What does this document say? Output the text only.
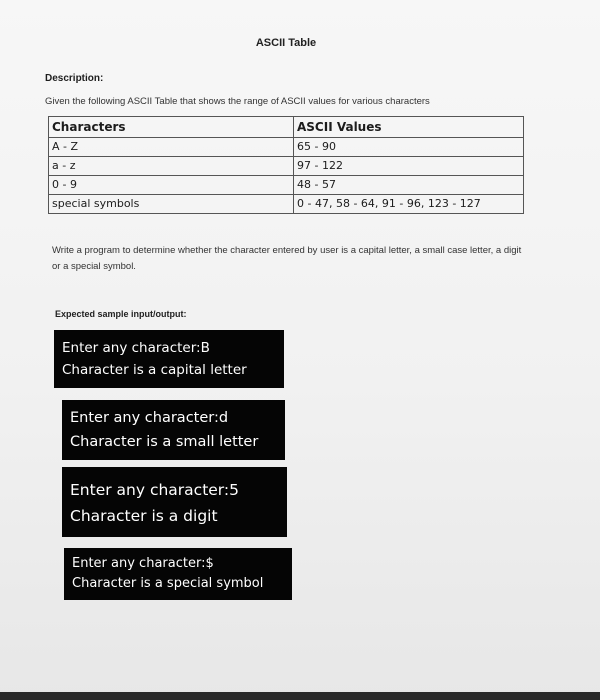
ASCII Table
Description:
Given the following ASCII Table that shows the range of ASCII values for various characters
Characters	ASCII Values
A - Z	65 - 90
a - z	97 - 122
0 - 9	48 - 57
special symbols	0 - 47, 58 - 64, 91 - 96, 123 - 127
Write a program to determine whether the character entered by user is a capital letter, a small case letter, a digit or a special symbol.
Expected sample input/output:
Enter any character:B
Character is a capital letter
Enter any character:d
Character is a small letter
Enter any character:5
Character is a digit
Enter any character:$
Character is a special symbol
